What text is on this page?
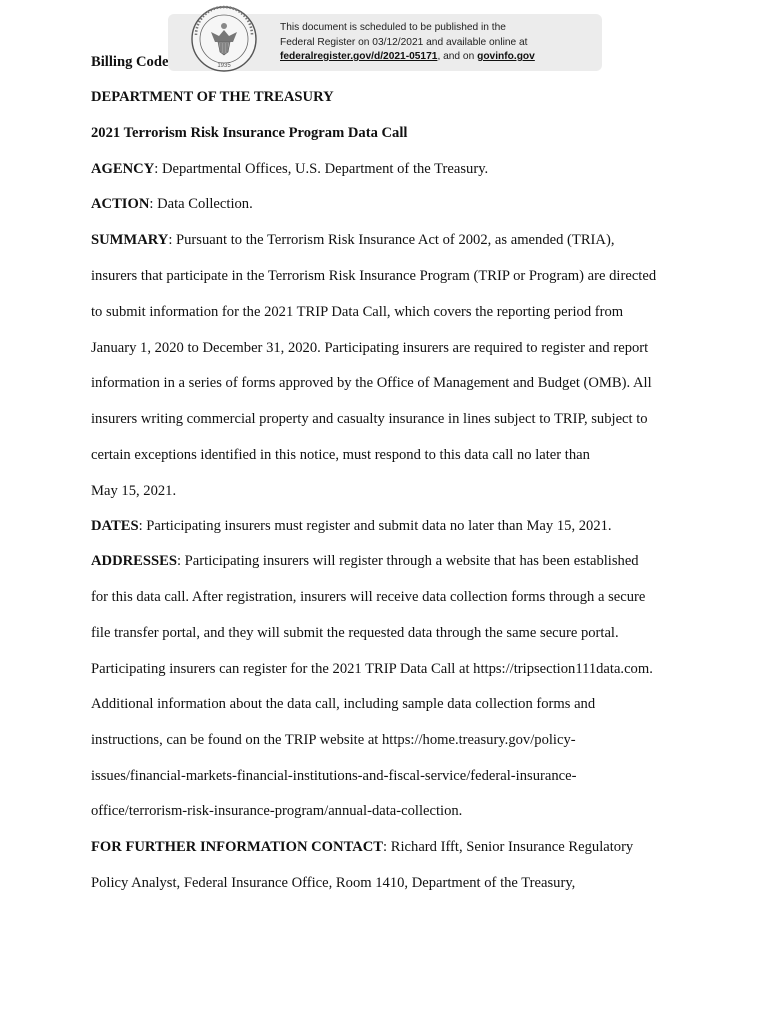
Billing Code	1935
This document is scheduled to be published in the
Federal Register on 03/12/2021 and available online at
federalregister.gov/d/2021-05171, and on govinfo.gov
DEPARTMENT OF THE TREASURY
2021 Terrorism Risk Insurance Program Data Call
AGENCY: Departmental Offices, U.S. Department of the Treasury.
ACTION: Data Collection.
SUMMARY: Pursuant to the Terrorism Risk Insurance Act of 2002, as amended (TRIA),
insurers that participate in the Terrorism Risk Insurance Program (TRIP or Program) are directed
to submit information for the 2021 TRIP Data Call, which covers the reporting period from
January 1, 2020 to December 31, 2020. Participating insurers are required to register and report
information in a series of forms approved by the Office of Management and Budget (OMB). All
insurers writing commercial property and casualty insurance in lines subject to TRIP, subject to
certain exceptions identified in this notice, must respond to this data call no later than
May 15, 2021.
DATES: Participating insurers must register and submit data no later than May 15, 2021.
ADDRESSES: Participating insurers will register through a website that has been established
for this data call. After registration, insurers will receive data collection forms through a secure
file transfer portal, and they will submit the requested data through the same secure portal.
Participating insurers can register for the 2021 TRIP Data Call at https://tripsection111data.com.
Additional information about the data call, including sample data collection forms and
instructions, can be found on the TRIP website at https://home.treasury.gov/policy-
issues/financial-markets-financial-institutions-and-fiscal-service/federal-insurance-
office/terrorism-risk-insurance-program/annual-data-collection.
FOR FURTHER INFORMATION CONTACT: Richard Ifft, Senior Insurance Regulatory
Policy Analyst, Federal Insurance Office, Room 1410, Department of the Treasury,
